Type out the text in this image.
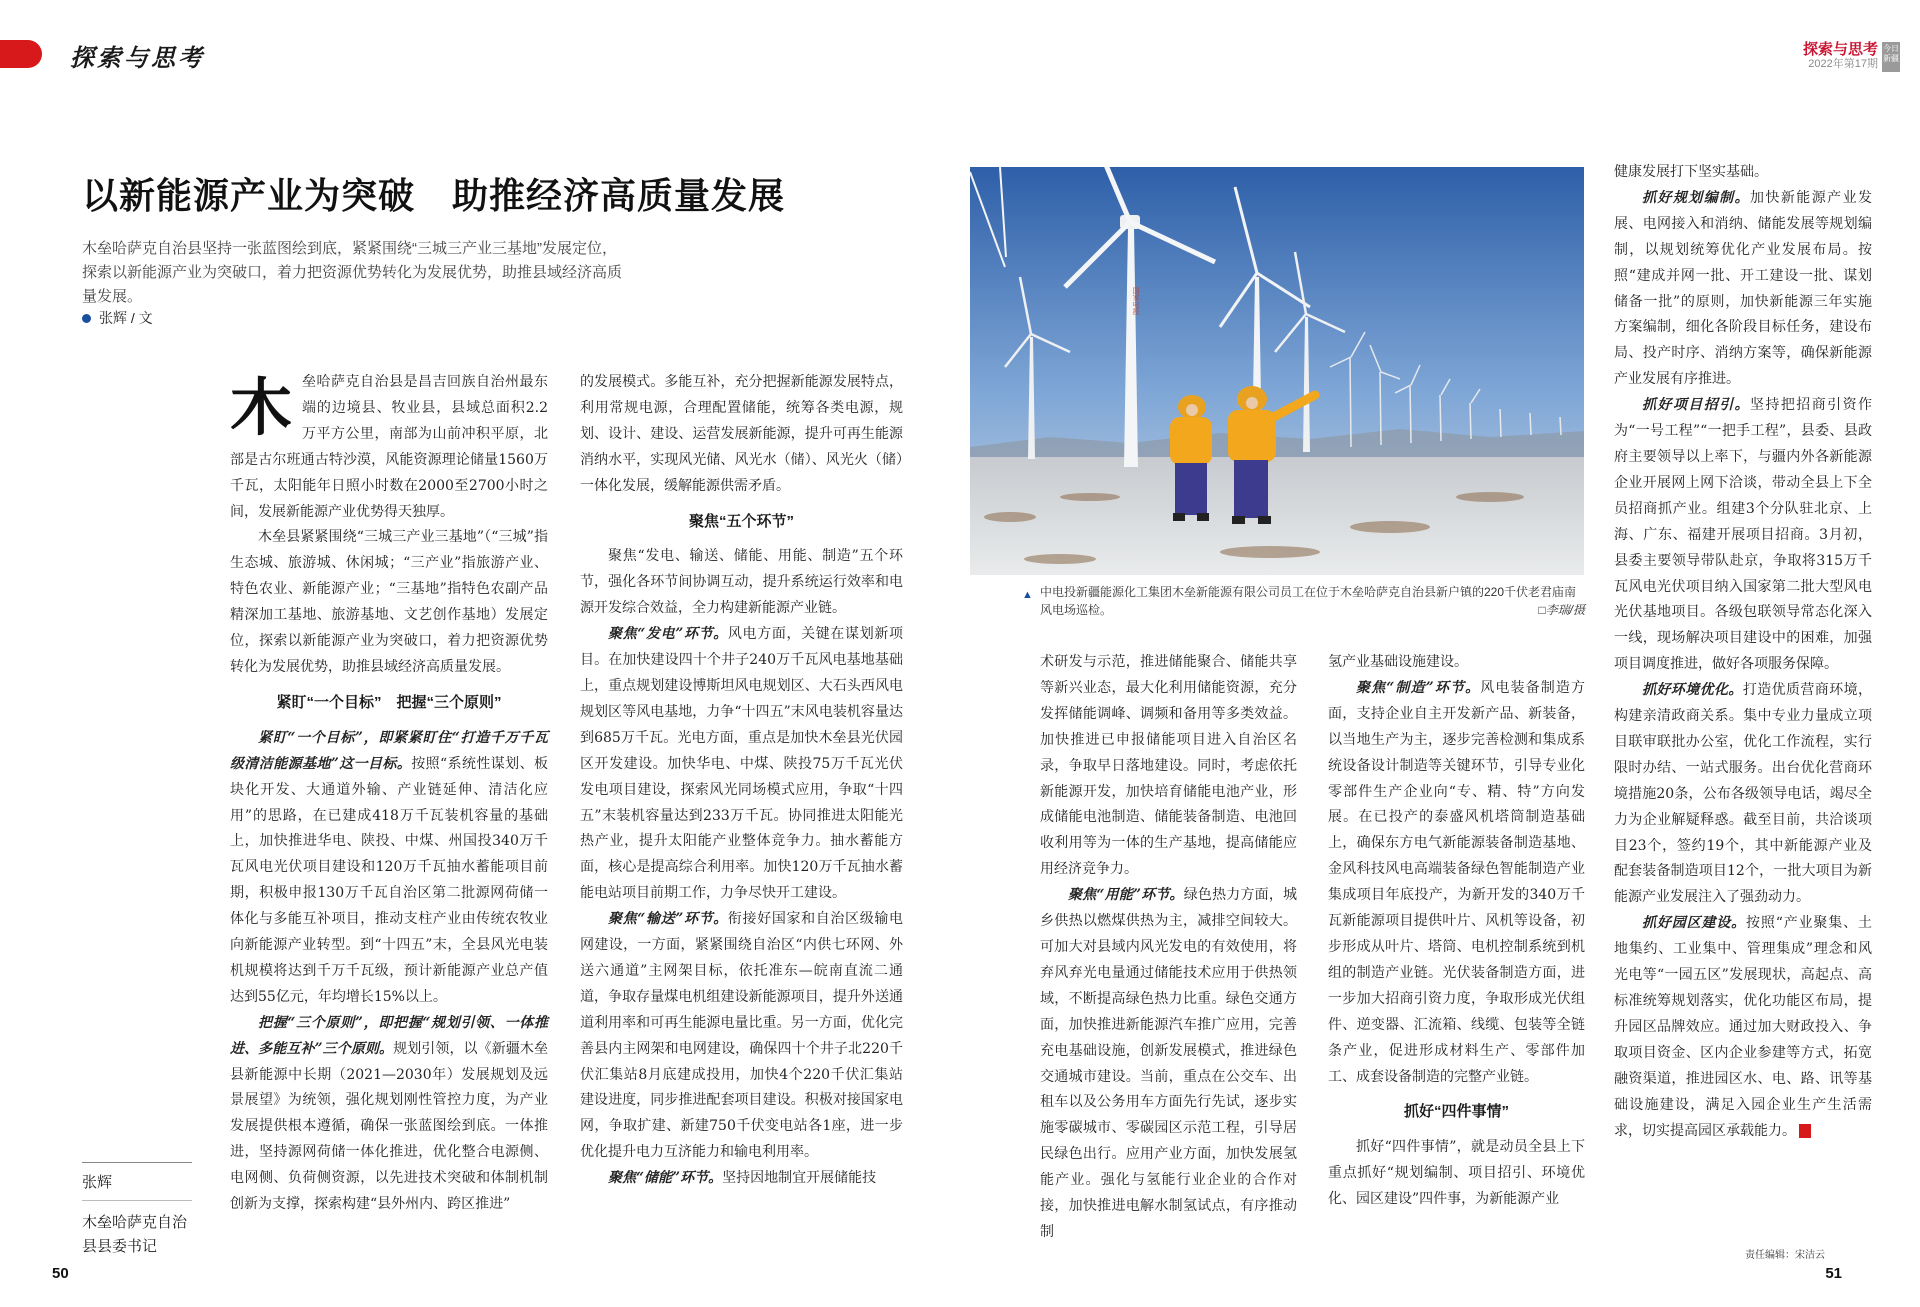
探索与思考	探索与思考
2022年第17期
今日新疆
以新能源产业为突破　助推经济高质量发展
木垒哈萨克自治县坚持一张蓝图绘到底，紧紧围绕“三城三产业三基地”发展定位，探索以新能源产业为突破口，着力把资源优势转化为发展优势，助推县域经济高质量发展。
张辉 / 文

木垒哈萨克自治县是昌吉回族自治州最东端的边境县、牧业县，县域总面积2.2万平方公里，南部为山前冲积平原，北部是古尔班通古特沙漠，风能资源理论储量1560万千瓦，太阳能年日照小时数在2000至2700小时之间，发展新能源产业优势得天独厚。

木垒县紧紧围绕“三城三产业三基地”（“三城”指生态城、旅游城、休闲城；“三产业”指旅游产业、特色农业、新能源产业；“三基地”指特色农副产品精深加工基地、旅游基地、文艺创作基地）发展定位，探索以新能源产业为突破口，着力把资源优势转化为发展优势，助推县域经济高质量发展。

紧盯“一个目标”　把握“三个原则”

紧盯“一个目标”，即紧紧盯住“打造千万千瓦级清洁能源基地”这一目标。按照“系统性谋划、板块化开发、大通道外输、产业链延伸、清洁化应用”的思路，在已建成418万千瓦装机容量的基础上，加快推进华电、陕投、中煤、州国投340万千瓦风电光伏项目建设和120万千瓦抽水蓄能项目前期，积极申报130万千瓦自治区第二批源网荷储一体化与多能互补项目，推动支柱产业由传统农牧业向新能源产业转型。到“十四五”末，全县风光电装机规模将达到千万千瓦级，预计新能源产业总产值达到55亿元，年均增长15%以上。

把握“三个原则”，即把握“规划引领、一体推进、多能互补”三个原则。规划引领，以《新疆木垒县新能源中长期（2021—2030年）发展规划及远景展望》为统领，强化规划刚性管控力度，为产业发展提供根本遵循，确保一张蓝图绘到底。一体推进，坚持源网荷储一体化推进，优化整合电源侧、电网侧、负荷侧资源，以先进技术突破和体制机制创新为支撑，探索构建“县外州内、跨区推进”

张辉
木垒哈萨克自治县县委书记

的发展模式。多能互补，充分把握新能源发展特点，利用常规电源，合理配置储能，统筹各类电源，规划、设计、建设、运营发展新能源，提升可再生能源消纳水平，实现风光储、风光水（储）、风光火（储）一体化发展，缓解能源供需矛盾。

聚焦“五个环节”

聚焦“发电、输送、储能、用能、制造”五个环节，强化各环节间协调互动，提升系统运行效率和电源开发综合效益，全力构建新能源产业链。

聚焦“发电”环节。风电方面，关键在谋划新项目。在加快建设四十个井子240万千瓦风电基地基础上，重点规划建设博斯坦风电规划区、大石头西风电规划区等风电基地，力争“十四五”末风电装机容量达到685万千瓦。光电方面，重点是加快木垒县光伏园区开发建设。加快华电、中煤、陕投75万千瓦光伏发电项目建设，探索风光同场模式应用，争取“十四五”末装机容量达到233万千瓦。协同推进太阳能光热产业，提升太阳能产业整体竞争力。抽水蓄能方面，核心是提高综合利用率。加快120万千瓦抽水蓄能电站项目前期工作，力争尽快开工建设。

聚焦“输送”环节。衔接好国家和自治区级输电网建设，一方面，紧紧围绕自治区“内供七环网、外送六通道”主网架目标，依托准东—皖南直流二通道，争取存量煤电机组建设新能源项目，提升外送通道利用率和可再生能源电量比重。另一方面，优化完善县内主网架和电网建设，确保四十个井子北220千伏汇集站8月底建成投用，加快4个220千伏汇集站建设进度，同步推进配套项目建设。积极对接国家电网，争取扩建、新建750千伏变电站各1座，进一步优化提升电力互济能力和输电利用率。

聚焦“储能”环节。坚持因地制宜开展储能技

国家电投
▲ 中电投新疆能源化工集团木垒新能源有限公司员工在位于木垒哈萨克自治县新户镇的220千伏老君庙南风电场巡检。	□李瑞/摄

术研发与示范，推进储能聚合、储能共享等新兴业态，最大化利用储能资源，充分发挥储能调峰、调频和备用等多类效益。加快推进已申报储能项目进入自治区名录，争取早日落地建设。同时，考虑依托新能源开发，加快培育储能电池产业，形成储能电池制造、储能装备制造、电池回收利用等为一体的生产基地，提高储能应用经济竞争力。

聚焦“用能”环节。绿色热力方面，城乡供热以燃煤供热为主，减排空间较大。可加大对县域内风光发电的有效使用，将弃风弃光电量通过储能技术应用于供热领域，不断提高绿色热力比重。绿色交通方面，加快推进新能源汽车推广应用，完善充电基础设施，创新发展模式，推进绿色交通城市建设。当前，重点在公交车、出租车以及公务用车方面先行先试，逐步实施零碳城市、零碳园区示范工程，引导居民绿色出行。应用产业方面，加快发展氢能产业。强化与氢能行业企业的合作对接，加快推进电解水制氢试点，有序推动制

氢产业基础设施建设。

聚焦“制造”环节。风电装备制造方面，支持企业自主开发新产品、新装备，以当地生产为主，逐步完善检测和集成系统设备设计制造等关键环节，引导专业化零部件生产企业向“专、精、特”方向发展。在已投产的泰盛风机塔筒制造基础上，确保东方电气新能源装备制造基地、金风科技风电高端装备绿色智能制造产业集成项目年底投产，为新开发的340万千瓦新能源项目提供叶片、风机等设备，初步形成从叶片、塔筒、电机控制系统到机组的制造产业链。光伏装备制造方面，进一步加大招商引资力度，争取形成光伏组件、逆变器、汇流箱、线缆、包装等全链条产业，促进形成材料生产、零部件加工、成套设备制造的完整产业链。

抓好“四件事情”

抓好“四件事情”，就是动员全县上下重点抓好“规划编制、项目招引、环境优化、园区建设”四件事，为新能源产业

健康发展打下坚实基础。

抓好规划编制。加快新能源产业发展、电网接入和消纳、储能发展等规划编制，以规划统筹优化产业发展布局。按照“建成并网一批、开工建设一批、谋划储备一批”的原则，加快新能源三年实施方案编制，细化各阶段目标任务，建设布局、投产时序、消纳方案等，确保新能源产业发展有序推进。

抓好项目招引。坚持把招商引资作为“一号工程”“一把手工程”，县委、县政府主要领导以上率下，与疆内外各新能源企业开展网上网下洽谈，带动全县上下全员招商抓产业。组建3个分队驻北京、上海、广东、福建开展项目招商。3月初，县委主要领导带队赴京，争取将315万千瓦风电光伏项目纳入国家第二批大型风电光伏基地项目。各级包联领导常态化深入一线，现场解决项目建设中的困难，加强项目调度推进，做好各项服务保障。

抓好环境优化。打造优质营商环境，构建亲清政商关系。集中专业力量成立项目联审联批办公室，优化工作流程，实行限时办结、一站式服务。出台优化营商环境措施20条，公布各级领导电话，竭尽全力为企业解疑释惑。截至目前，共洽谈项目23个，签约19个，其中新能源产业及配套装备制造项目12个，一批大项目为新能源产业发展注入了强劲动力。

抓好园区建设。按照“产业聚集、土地集约、工业集中、管理集成”理念和风光电等“一园五区”发展现状，高起点、高标准统筹规划落实，优化功能区布局，提升园区品牌效应。通过加大财政投入、争取项目资金、区内企业参建等方式，拓宽融资渠道，推进园区水、电、路、讯等基础设施建设，满足入园企业生产生活需求，切实提高园区承载能力。

50
责任编辑：宋洁云
51
